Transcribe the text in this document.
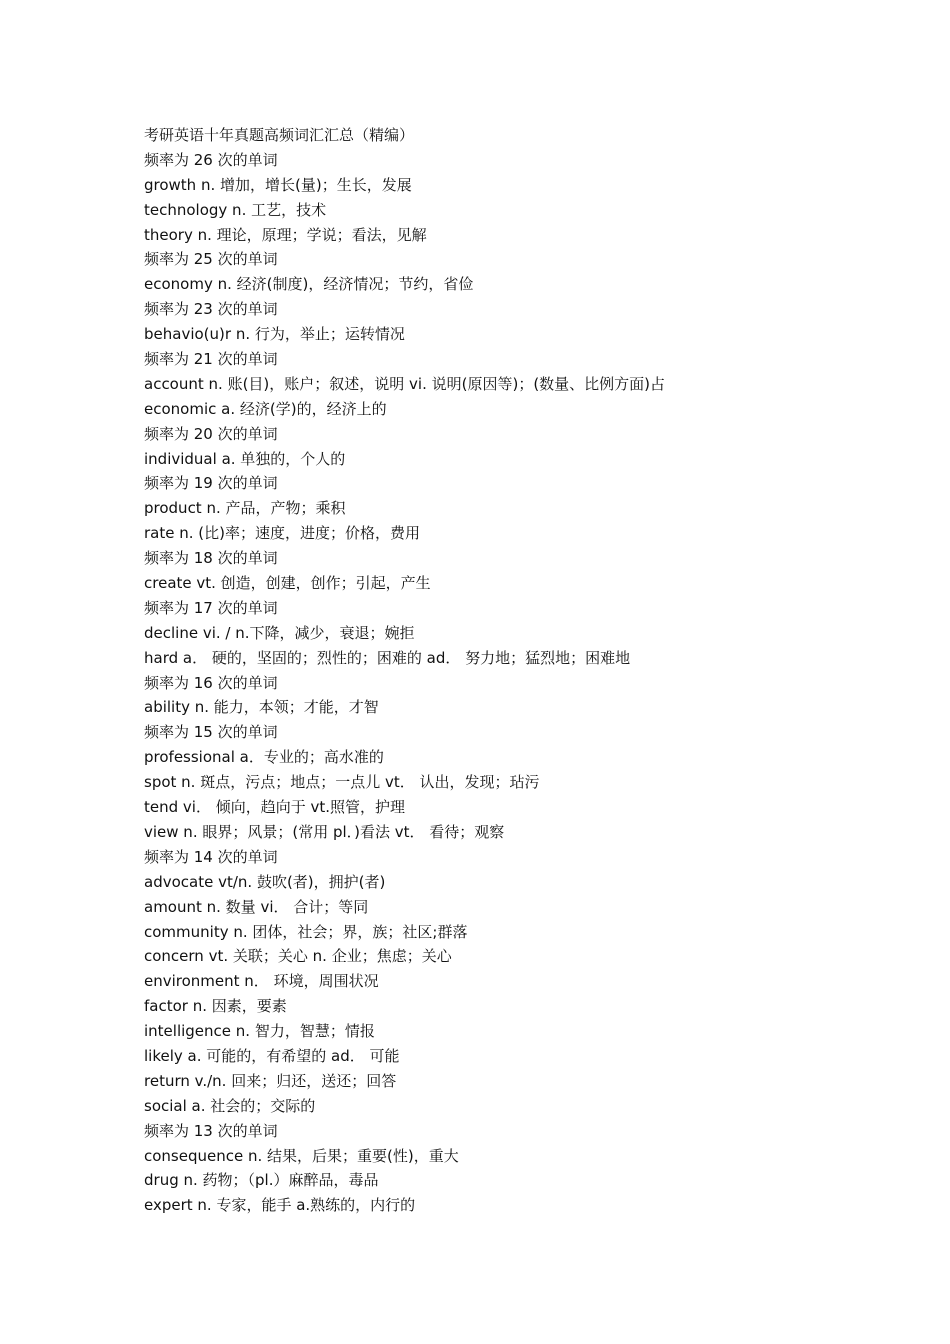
考研英语十年真题高频词汇汇总（精编）
频率为 26 次的单词
growth n. 增加，增长(量)；生长，发展
technology n. 工艺，技术
theory n. 理论，原理；学说；看法，见解
频率为 25 次的单词
economy n. 经济(制度)，经济情况；节约，省俭
频率为 23 次的单词
behavio(u)r n. 行为，举止；运转情况
频率为 21 次的单词
account n. 账(目)，账户；叙述，说明 vi. 说明(原因等)；(数量、比例方面)占
economic a. 经济(学)的，经济上的
频率为 20 次的单词
individual a. 单独的，个人的
频率为 19 次的单词
product n. 产品，产物；乘积
rate n. (比)率；速度，进度；价格，费用
频率为 18 次的单词
create vt. 创造，创建，创作；引起，产生
频率为 17 次的单词
decline vi. / n.下降，减少，衰退；婉拒
hard a． 硬的，坚固的；烈性的；困难的 ad． 努力地；猛烈地；困难地
频率为 16 次的单词
ability n. 能力，本领；才能，才智
频率为 15 次的单词
professional a．专业的；高水准的
spot n. 斑点，污点；地点；一点儿 vt． 认出，发现；玷污
tend vi． 倾向，趋向于 vt.照管，护理
view n. 眼界；风景；(常用 pl．)看法 vt． 看待；观察
频率为 14 次的单词
advocate vt/n. 鼓吹(者)，拥护(者)
amount n. 数量 vi． 合计；等同
community n. 团体，社会；界，族；社区;群落
concern vt. 关联；关心 n. 企业；焦虑；关心
environment n． 环境，周围状况
factor n. 因素，要素
intelligence n. 智力，智慧；情报
likely a. 可能的，有希望的 ad． 可能
return v./n. 回来；归还，送还；回答
social a. 社会的；交际的
频率为 13 次的单词
consequence n. 结果，后果；重要(性)，重大
drug n. 药物；（pl.）麻醉品，毒品
expert n. 专家，能手 a.熟练的，内行的
